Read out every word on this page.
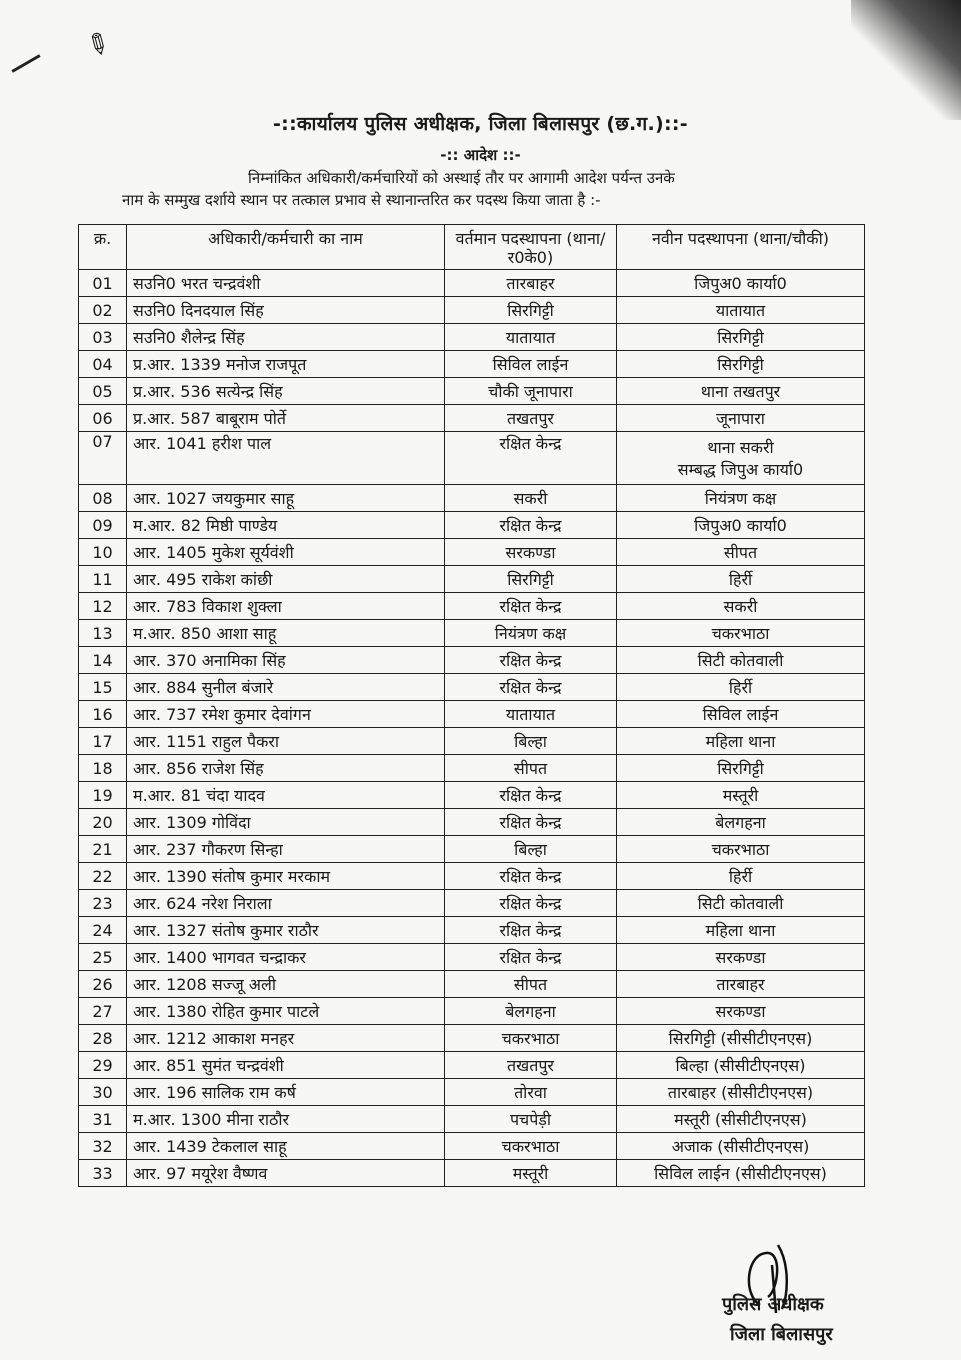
✎
-::कार्यालय पुलिस अधीक्षक, जिला बिलासपुर (छ.ग.)::-
-:: आदेश ::-
निम्नांकित अधिकारी/कर्मचारियों को अस्थाई तौर पर आगामी आदेश पर्यन्त उनके
नाम के सम्मुख दर्शाये स्थान पर तत्काल प्रभाव से स्थानान्तरित कर पदस्थ किया जाता है :-
क्र.	अधिकारी/कर्मचारी का नाम	वर्तमान पदस्थापना (थाना/र0के0)	नवीन पदस्थापना (थाना/चौकी)
01	सउनि0 भरत चन्द्रवंशी	तारबाहर	जिपुअ0 कार्या0
02	सउनि0 दिनदयाल सिंह	सिरगिट्टी	यातायात
03	सउनि0 शैलेन्द्र सिंह	यातायात	सिरगिट्टी
04	प्र.आर. 1339 मनोज राजपूत	सिविल लाईन	सिरगिट्टी
05	प्र.आर. 536 सत्येन्द्र सिंह	चौकी जूनापारा	थाना तखतपुर
06	प्र.आर. 587 बाबूराम पोर्ते	तखतपुर	जूनापारा
07	आर. 1041 हरीश पाल	रक्षित केन्द्र	थाना सकरी
सम्बद्ध जिपुअ कार्या0
08	आर. 1027 जयकुमार साहू	सकरी	नियंत्रण कक्ष
09	म.आर. 82 मिष्ठी पाण्डेय	रक्षित केन्द्र	जिपुअ0 कार्या0
10	आर. 1405 मुकेश सूर्यवंशी	सरकण्डा	सीपत
11	आर. 495 राकेश कांछी	सिरगिट्टी	हिर्री
12	आर. 783 विकाश शुक्ला	रक्षित केन्द्र	सकरी
13	म.आर. 850 आशा साहू	नियंत्रण कक्ष	चकरभाठा
14	आर. 370 अनामिका सिंह	रक्षित केन्द्र	सिटी कोतवाली
15	आर. 884 सुनील बंजारे	रक्षित केन्द्र	हिर्री
16	आर. 737 रमेश कुमार देवांगन	यातायात	सिविल लाईन
17	आर. 1151 राहुल पैकरा	बिल्हा	महिला थाना
18	आर. 856 राजेश सिंह	सीपत	सिरगिट्टी
19	म.आर. 81 चंदा यादव	रक्षित केन्द्र	मस्तूरी
20	आर. 1309 गोविंदा	रक्षित केन्द्र	बेलगहना
21	आर. 237 गौकरण सिन्हा	बिल्हा	चकरभाठा
22	आर. 1390 संतोष कुमार मरकाम	रक्षित केन्द्र	हिर्री
23	आर. 624 नरेश निराला	रक्षित केन्द्र	सिटी कोतवाली
24	आर. 1327 संतोष कुमार राठौर	रक्षित केन्द्र	महिला थाना
25	आर. 1400 भागवत चन्द्राकर	रक्षित केन्द्र	सरकण्डा
26	आर. 1208 सज्जू अली	सीपत	तारबाहर
27	आर. 1380 रोहित कुमार पाटले	बेलगहना	सरकण्डा
28	आर. 1212 आकाश मनहर	चकरभाठा	सिरगिट्टी (सीसीटीएनएस)
29	आर. 851 सुमंत चन्द्रवंशी	तखतपुर	बिल्हा (सीसीटीएनएस)
30	आर. 196 सालिक राम कर्ष	तोरवा	तारबाहर (सीसीटीएनएस)
31	म.आर. 1300 मीना राठौर	पचपेड़ी	मस्तूरी (सीसीटीएनएस)
32	आर. 1439 टेकलाल साहू	चकरभाठा	अजाक (सीसीटीएनएस)
33	आर. 97 मयूरेश वैष्णव	मस्तूरी	सिविल लाईन (सीसीटीएनएस)
पुलिस अधीक्षक
जिला बिलासपुर
